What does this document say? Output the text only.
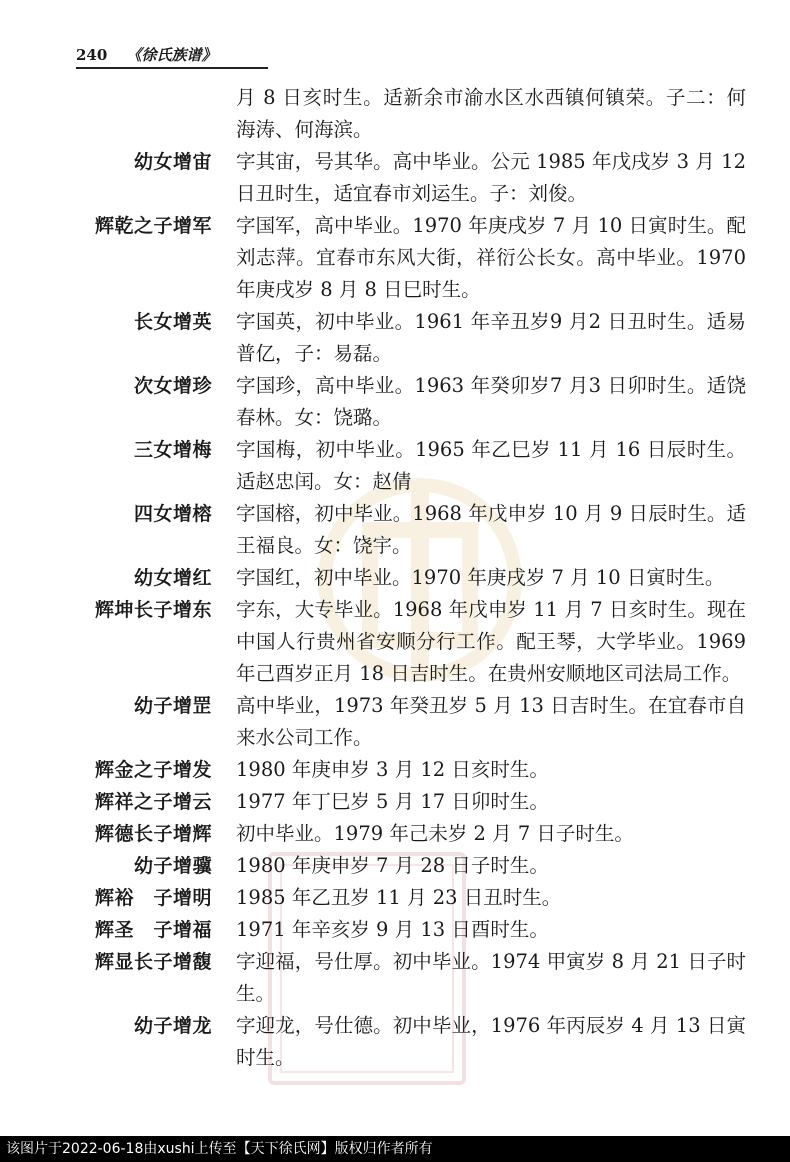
240 《徐氏族谱》
月 8 日亥时生。适新余市渝水区水西镇何镇荣。子二：何海涛、何海滨。
幼女增宙 字其宙，号其华。高中毕业。公元 1985 年戊戌岁 3 月 12 日丑时生，适宜春市刘运生。子：刘俊。
辉乾之子增军 字国军，高中毕业。1970 年庚戌岁 7 月 10 日寅时生。配刘志萍。宜春市东风大街，祥衍公长女。高中毕业。1970 年庚戌岁 8 月 8 日巳时生。
长女增英 字国英，初中毕业。1961 年辛丑岁9 月2 日丑时生。适易普亿，子：易磊。
次女增珍 字国珍，高中毕业。1963 年癸卯岁7 月3 日卯时生。适饶春林。女：饶璐。
三女增梅 字国梅，初中毕业。1965 年乙巳岁 11 月 16 日辰时生。适赵忠闰。女：赵倩
四女增榕 字国榕，初中毕业。1968 年戊申岁 10 月 9 日辰时生。适王福良。女：饶宇。
幼女增红 字国红，初中毕业。1970 年庚戌岁 7 月 10 日寅时生。
辉坤长子增东 字东，大专毕业。1968 年戊申岁 11 月 7 日亥时生。现在中国人行贵州省安顺分行工作。配王琴，大学毕业。1969 年己酉岁正月 18 日吉时生。在贵州安顺地区司法局工作。
幼子增罡 高中毕业，1973 年癸丑岁 5 月 13 日吉时生。在宜春市自来水公司工作。
辉金之子增发 1980 年庚申岁 3 月 12 日亥时生。
辉祥之子增云 1977 年丁巳岁 5 月 17 日卯时生。
辉德长子增辉 初中毕业。1979 年己未岁 2 月 7 日子时生。
幼子增骥 1980 年庚申岁 7 月 28 日子时生。
辉裕　子增明 1985 年乙丑岁 11 月 23 日丑时生。
辉圣　子增福 1971 年辛亥岁 9 月 13 日酉时生。
辉显长子增馥 字迎福，号仕厚。初中毕业。1974 甲寅岁 8 月 21 日子时生。
幼子增龙 字迎龙，号仕德。初中毕业，1976 年丙辰岁 4 月 13 日寅时生。
该图片于2022-06-18由xushi上传至【天下徐氏网】版权归作者所有
